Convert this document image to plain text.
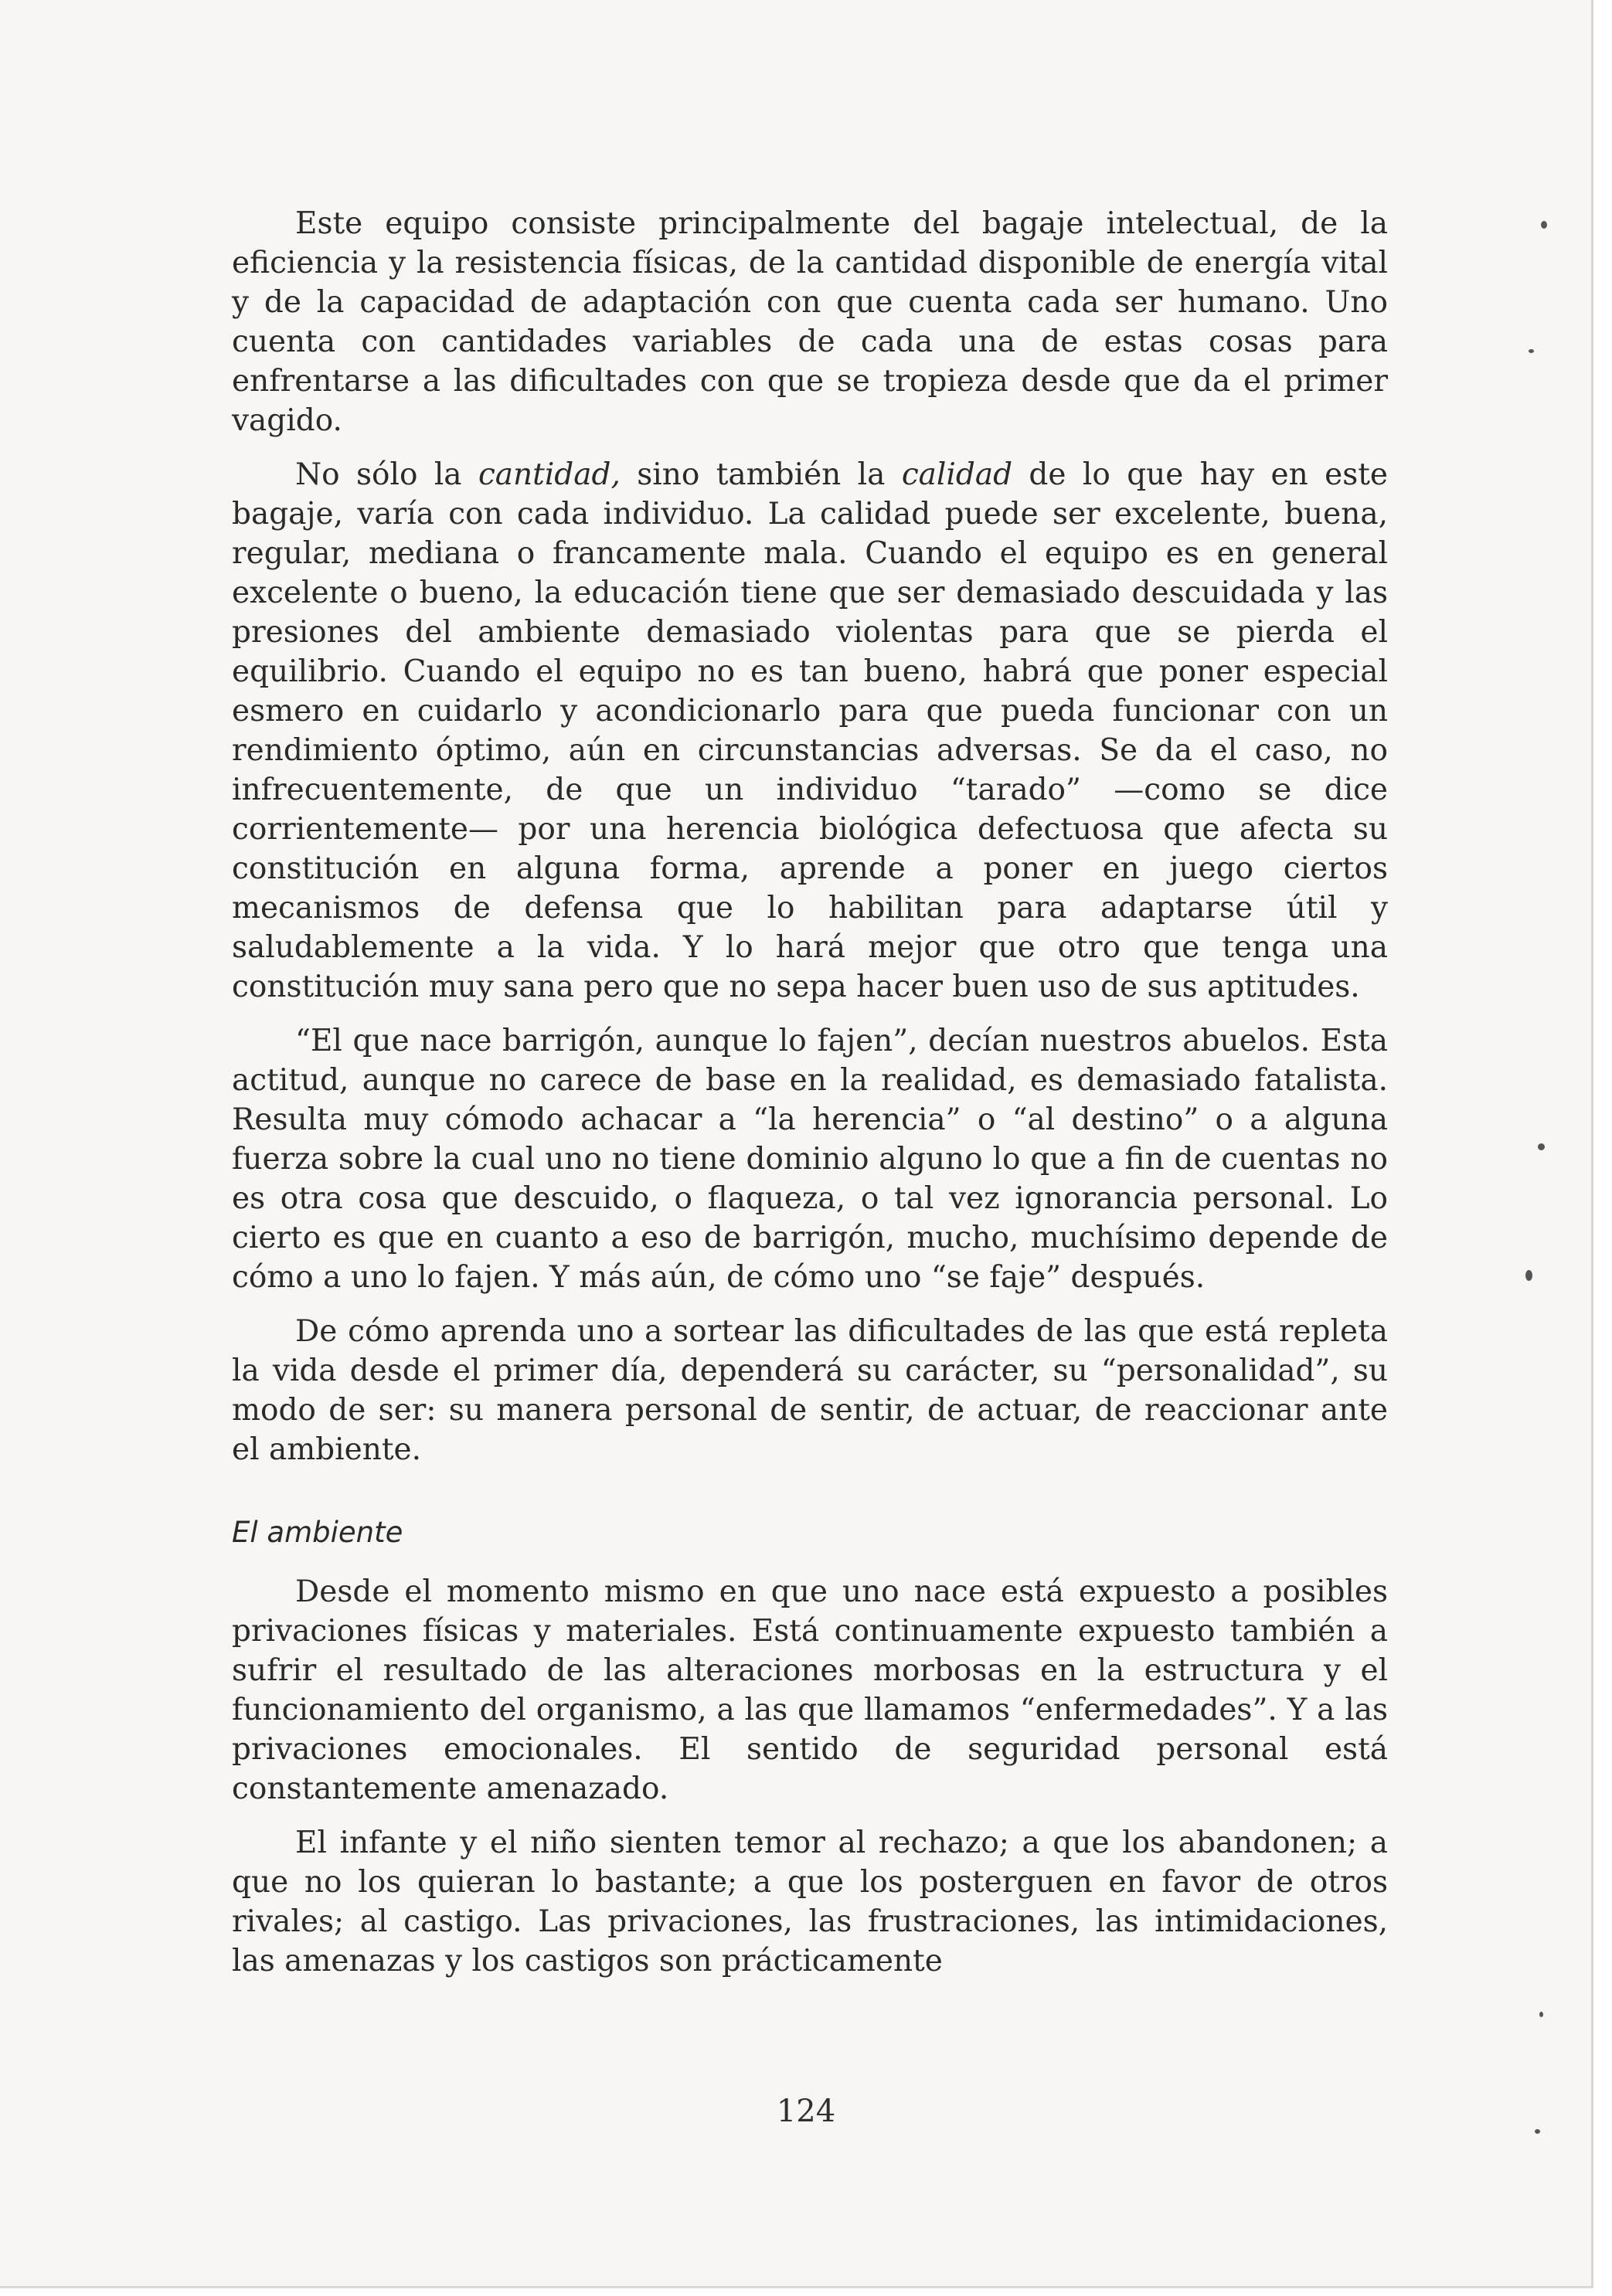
Este equipo consiste principalmente del bagaje intelectual, de la eficiencia y la resistencia físicas, de la cantidad disponible de energía vital y de la capacidad de adaptación con que cuenta cada ser humano. Uno cuenta con cantidades variables de cada una de estas cosas para enfrentarse a las dificultades con que se tropieza desde que da el primer vagido.

No sólo la cantidad, sino también la calidad de lo que hay en este bagaje, varía con cada individuo. La calidad puede ser excelente, buena, regular, mediana o francamente mala. Cuando el equipo es en general excelente o bueno, la educación tiene que ser demasiado descuidada y las presiones del ambiente demasiado violentas para que se pierda el equilibrio. Cuando el equipo no es tan bueno, habrá que poner especial esmero en cuidarlo y acondicionarlo para que pueda funcionar con un rendimiento óptimo, aún en circunstancias adversas. Se da el caso, no infrecuentemente, de que un individuo “tarado” —como se dice corrientemente— por una herencia biológica defectuosa que afecta su constitución en alguna forma, aprende a poner en juego ciertos mecanismos de defensa que lo habilitan para adaptarse útil y saludablemente a la vida. Y lo hará mejor que otro que tenga una constitución muy sana pero que no sepa hacer buen uso de sus aptitudes.

“El que nace barrigón, aunque lo fajen”, decían nuestros abuelos. Esta actitud, aunque no carece de base en la realidad, es demasiado fatalista. Resulta muy cómodo achacar a “la herencia” o “al destino” o a alguna fuerza sobre la cual uno no tiene dominio alguno lo que a fin de cuentas no es otra cosa que descuido, o flaqueza, o tal vez ignorancia personal. Lo cierto es que en cuanto a eso de barrigón, mucho, muchísimo depende de cómo a uno lo fajen. Y más aún, de cómo uno “se faje” después.

De cómo aprenda uno a sortear las dificultades de las que está repleta la vida desde el primer día, dependerá su carácter, su “personalidad”, su modo de ser: su manera personal de sentir, de actuar, de reaccionar ante el ambiente.

El ambiente

Desde el momento mismo en que uno nace está expuesto a posibles privaciones físicas y materiales. Está continuamente expuesto también a sufrir el resultado de las alteraciones morbosas en la estructura y el funcionamiento del organismo, a las que llamamos “enfermedades”. Y a las privaciones emocionales. El sentido de seguridad personal está constantemente amenazado.

El infante y el niño sienten temor al rechazo; a que los abandonen; a que no los quieran lo bastante; a que los posterguen en favor de otros rivales; al castigo. Las privaciones, las frustraciones, las intimidaciones, las amenazas y los castigos son prácticamente

124
